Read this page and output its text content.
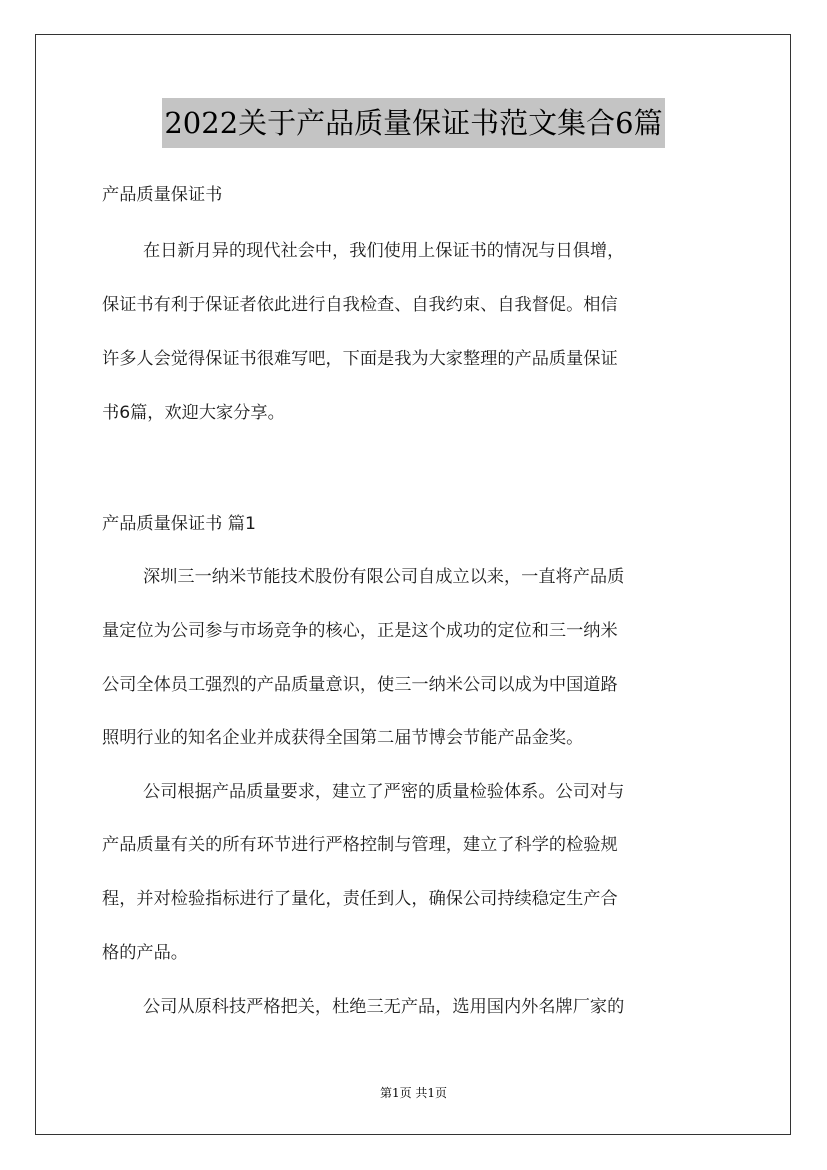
2022关于产品质量保证书范文集合6篇
产品质量保证书
在日新月异的现代社会中，我们使用上保证书的情况与日俱增，
保证书有利于保证者依此进行自我检查、自我约束、自我督促。相信
许多人会觉得保证书很难写吧，下面是我为大家整理的产品质量保证
书6篇，欢迎大家分享。
产品质量保证书 篇1
深圳三一纳米节能技术股份有限公司自成立以来，一直将产品质
量定位为公司参与市场竞争的核心，正是这个成功的定位和三一纳米
公司全体员工强烈的产品质量意识，使三一纳米公司以成为中国道路
照明行业的知名企业并成获得全国第二届节博会节能产品金奖。
公司根据产品质量要求，建立了严密的质量检验体系。公司对与
产品质量有关的所有环节进行严格控制与管理，建立了科学的检验规
程，并对检验指标进行了量化，责任到人，确保公司持续稳定生产合
格的产品。
公司从原科技严格把关，杜绝三无产品，选用国内外名牌厂家的
第1页 共1页
